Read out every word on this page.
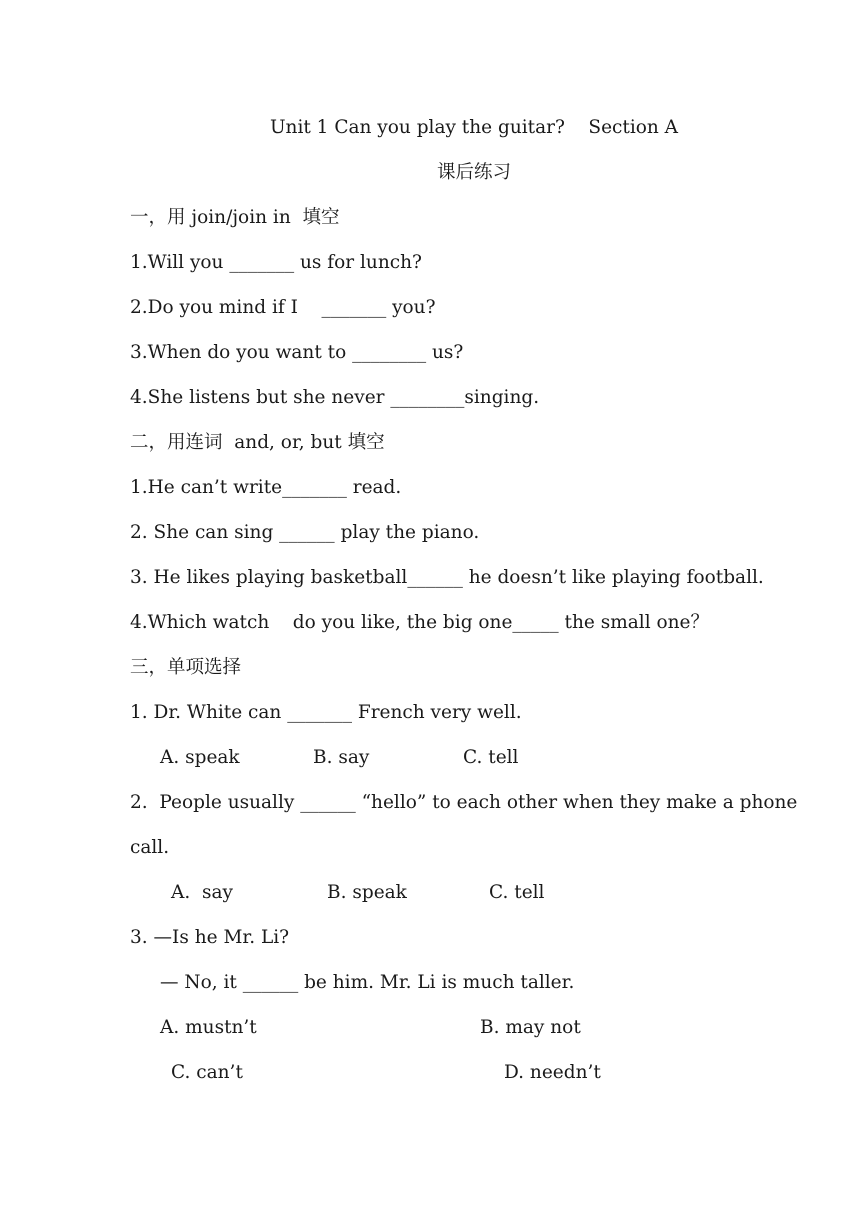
Unit 1 Can you play the guitar?    Section A
课后练习
一，用 join/join in  填空
1.Will you _______ us for lunch?
2.Do you mind if I    _______ you?
3.When do you want to ________ us?
4.She listens but she never ________singing.
二，用连词  and, or, but 填空
1.He can’t write_______ read.
2. She can sing ______ play the piano.
3. He likes playing basketball______ he doesn’t like playing football.
4.Which watch    do you like, the big one_____ the small one？
三，单项选择
1. Dr. White can _______ French very well.
A. speak	B. say	C. tell
2.  People usually ______ “hello” to each other when they make a phone
call.
A.  say	B. speak	C. tell
3. —Is he Mr. Li?
— No, it ______ be him. Mr. Li is much taller.
A. mustn’t	B. may not
C. can’t	D. needn’t
